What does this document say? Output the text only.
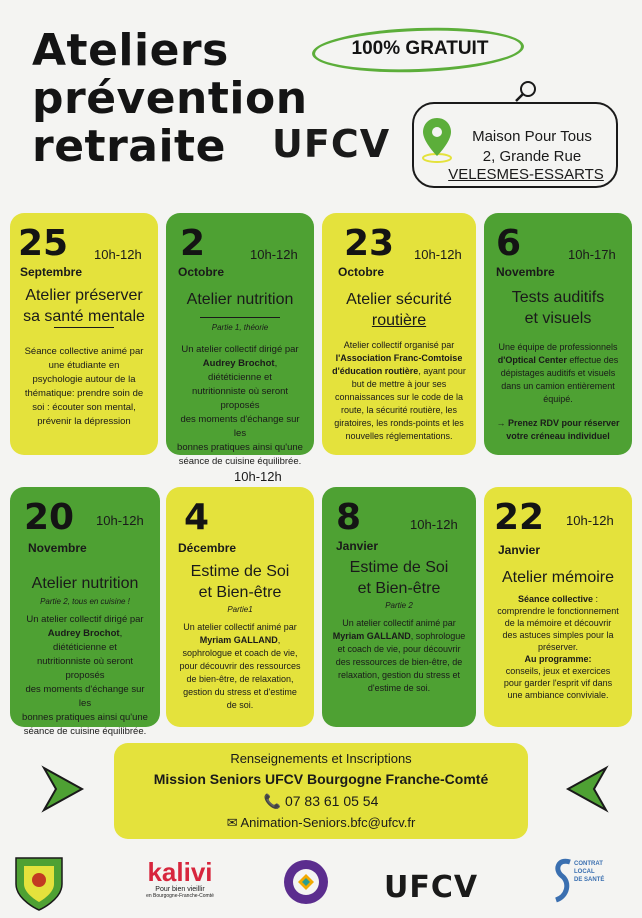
Ateliers
prévention
retraite UFCV
100% GRATUIT
Maison Pour Tous
2, Grande Rue
VELESMES-ESSARTS
25 10h-12h
Septembre
Atelier préserver
sa santé mentale
Séance collective animé par
une étudiante en
psychologie autour de la
thématique: prendre soin de
soi : écouter son mental,
prévenir la dépression
2	10h-12h
Octobre
Atelier nutrition
Partie 1, théorie
Un atelier collectif dirigé par
Audrey Brochot, diététicienne et
nutritionniste où seront proposés
des moments d'échange sur les
bonnes pratiques ainsi qu'une
séance de cuisine équilibrée.
23 10h-12h
Octobre
Atelier sécurité
routière
Atelier collectif organisé par
l'Association Franc-Comtoise
d'éducation routière, ayant pour
but de mettre à jour ses
connaissances sur le code de la
route, la sécurité routière, les
giratoires, les ronds-points et les
nouvelles réglementations.
6	10h-17h
Novembre
Tests auditifs
et visuels
Une équipe de professionnels
d'Optical Center effectue des
dépistages auditifs et visuels
dans un camion entièrement
équipé.
→ Prenez RDV pour réserver
votre créneau individuel
10h-12h
20 10h-12h
Novembre
Atelier nutrition
Partie 2, tous en cuisine !
Un atelier collectif dirigé par
Audrey Brochot, diététicienne et
nutritionniste où seront proposés
des moments d'échange sur les
bonnes pratiques ainsi qu'une
séance de cuisine équilibrée.
4
Décembre
Estime de Soi
et Bien-être
Partie1
Un atelier collectif animé par
Myriam GALLAND,
sophrologue et coach de vie,
pour découvrir des ressources
de bien-être, de relaxation,
gestion du stress et d'estime
de soi.
8	10h-12h
Janvier
Estime de Soi
et Bien-être
Partie 2
Un atelier collectif animé par
Myriam GALLAND, sophrologue
et coach de vie, pour découvrir
des ressources de bien-être, de
relaxation, gestion du stress et
d'estime de soi.
22 10h-12h
Janvier
Atelier mémoire
Séance collective :
comprendre le fonctionnement
de la mémoire et découvrir
des astuces simples pour la
préserver.
Au programme:
conseils, jeux et exercices
pour garder l'esprit vif dans
une ambiance conviviale.
Renseignements et Inscriptions
Mission Seniors UFCV Bourgogne Franche-Comté
📞 07 83 61 05 54
✉ Animation-Seniors.bfc@ufcv.fr
kalivi
Pour bien vieillir
en Bourgogne-Franche-Comté	UFCV
CONTRAT
LOCAL
DE SANTÉ
